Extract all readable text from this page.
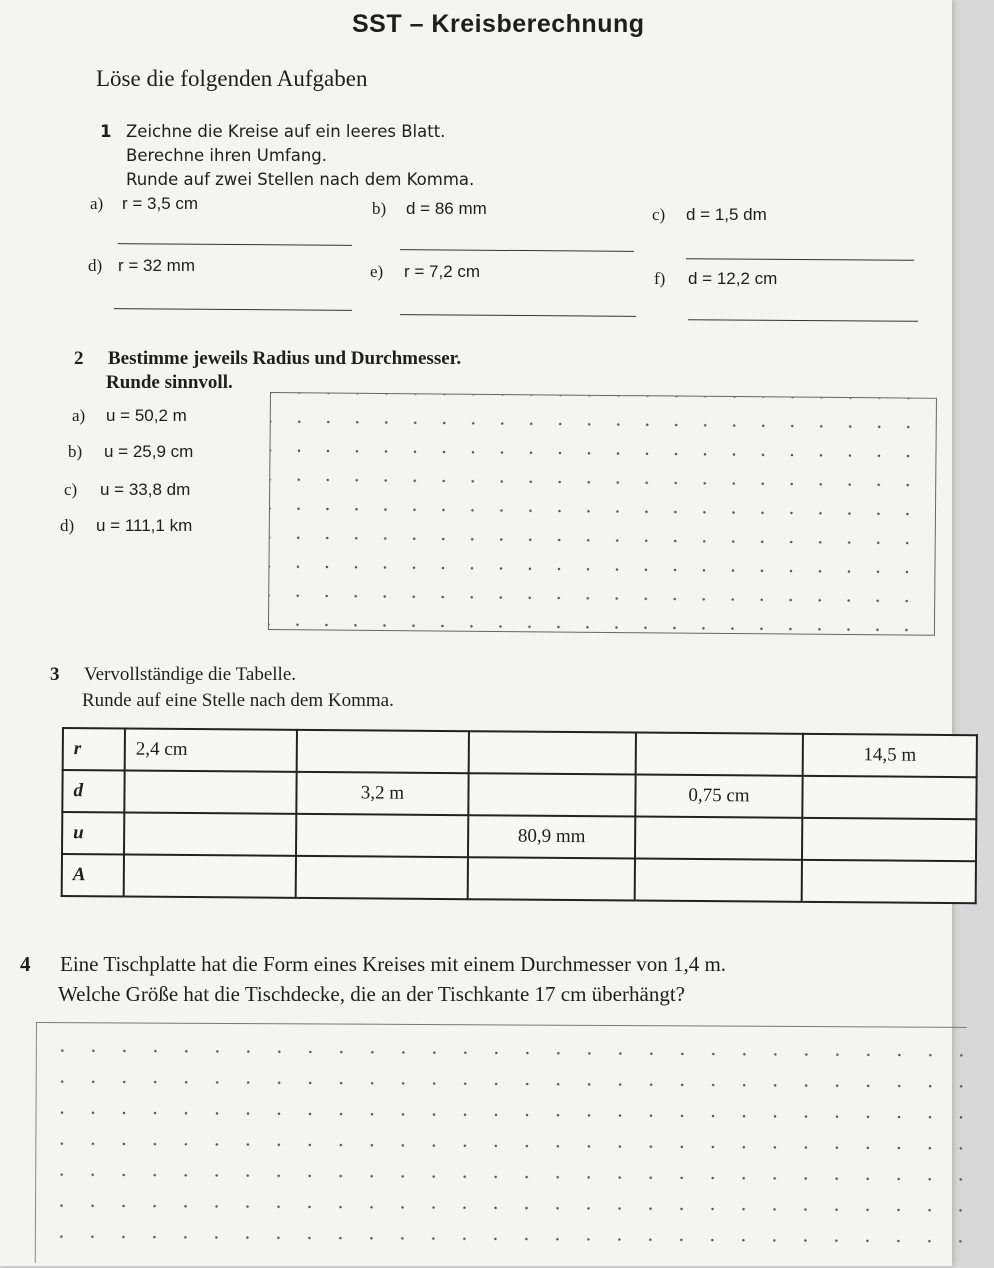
SST – Kreisberechnung
Löse die folgenden Aufgaben
1 Zeichne die Kreise auf ein leeres Blatt.
Berechne ihren Umfang.
Runde auf zwei Stellen nach dem Komma.
a) r = 3,5 cm	b) d = 86 mm	c) d = 1,5 dm
d) r = 32 mm	e) r = 7,2 cm	f) d = 12,2 cm
2 Bestimme jeweils Radius und Durchmesser.
Runde sinnvoll.
a) u = 50,2 m
b) u = 25,9 cm
c) u = 33,8 dm
d) u = 111,1 km
3 Vervollständige die Tabelle.
Runde auf eine Stelle nach dem Komma.
r	2,4 cm				14,5 m
d		3,2 m		0,75 cm	
u			80,9 mm		
A					
4 Eine Tischplatte hat die Form eines Kreises mit einem Durchmesser von 1,4 m.
Welche Größe hat die Tischdecke, die an der Tischkante 17 cm überhängt?
